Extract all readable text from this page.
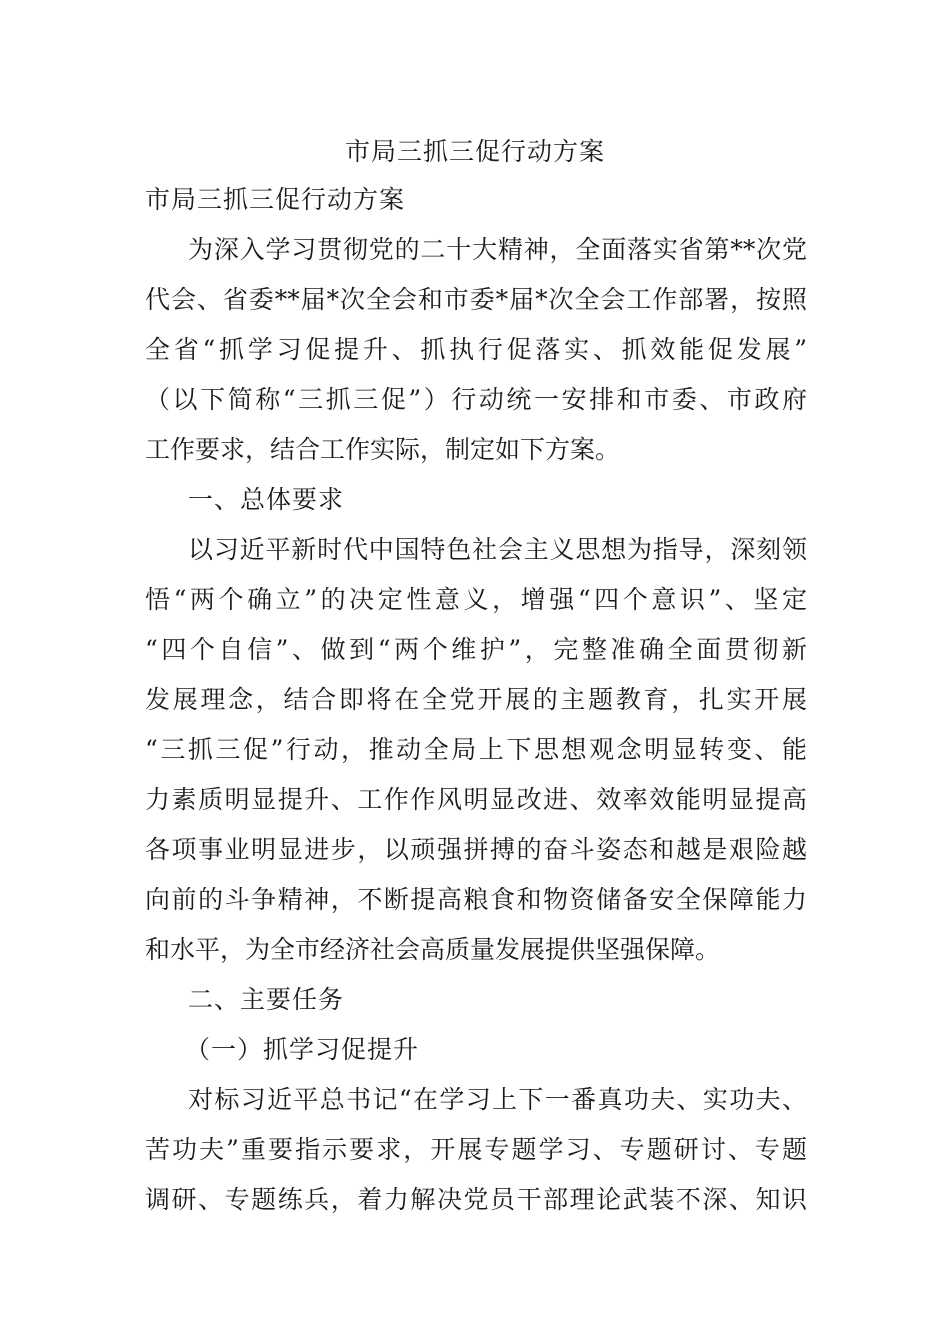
市局三抓三促行动方案
市局三抓三促行动方案
为深入学习贯彻党的二十大精神，全面落实省第**次党
代会、省委**届*次全会和市委*届*次全会工作部署，按照
全省“抓学习促提升、抓执行促落实、抓效能促发展”
（以下简称“三抓三促”）行动统一安排和市委、市政府
工作要求，结合工作实际，制定如下方案。
一、总体要求
以习近平新时代中国特色社会主义思想为指导，深刻领
悟“两个确立”的决定性意义，增强“四个意识”、坚定
“四个自信”、做到“两个维护”，完整准确全面贯彻新
发展理念，结合即将在全党开展的主题教育，扎实开展
“三抓三促”行动，推动全局上下思想观念明显转变、能
力素质明显提升、工作作风明显改进、效率效能明显提高
各项事业明显进步，以顽强拼搏的奋斗姿态和越是艰险越
向前的斗争精神，不断提高粮食和物资储备安全保障能力
和水平，为全市经济社会高质量发展提供坚强保障。
二、主要任务
（一）抓学习促提升
对标习近平总书记“在学习上下一番真功夫、实功夫、
苦功夫”重要指示要求，开展专题学习、专题研讨、专题
调研、专题练兵，着力解决党员干部理论武装不深、知识
